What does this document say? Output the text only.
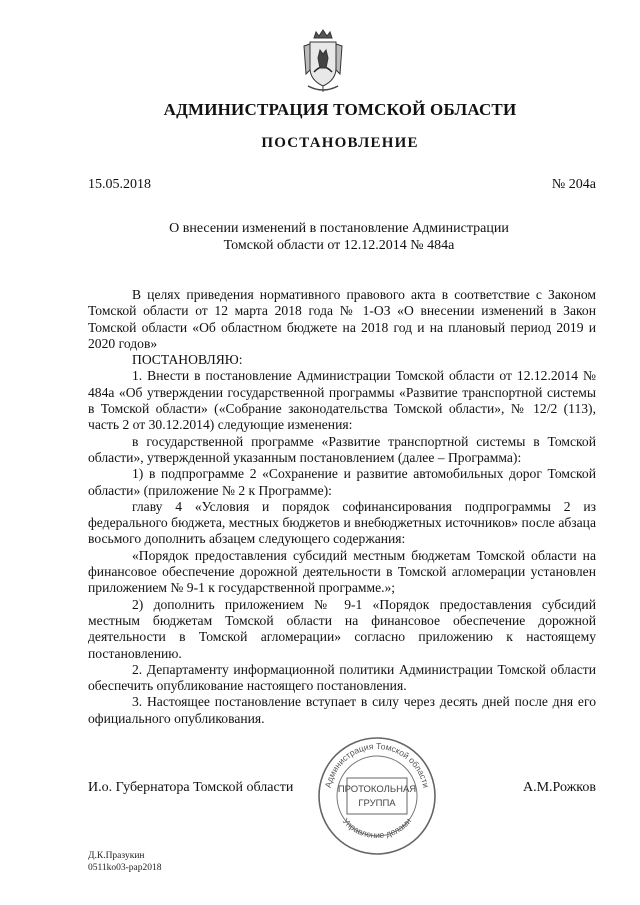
АДМИНИСТРАЦИЯ ТОМСКОЙ ОБЛАСТИ
ПОСТАНОВЛЕНИЕ
15.05.2018	№ 204а
О внесении изменений в постановление Администрации
Томской области от 12.12.2014 № 484а

В целях приведения нормативного правового акта в соответствие с Законом Томской области от 12 марта 2018 года № 1-ОЗ «О внесении изменений в Закон Томской области «Об областном бюджете на 2018 год и на плановый период 2019 и 2020 годов»

ПОСТАНОВЛЯЮ:

1. Внести в постановление Администрации Томской области от 12.12.2014 № 484а «Об утверждении государственной программы «Развитие транспортной системы в Томской области» («Собрание законодательства Томской области», № 12/2 (113), часть 2 от 30.12.2014) следующие изменения:

в государственной программе «Развитие транспортной системы в Томской области», утвержденной указанным постановлением (далее – Программа):

1) в подпрограмме 2 «Сохранение и развитие автомобильных дорог Томской области» (приложение № 2 к Программе):

главу 4 «Условия и порядок софинансирования подпрограммы 2 из федерального бюджета, местных бюджетов и внебюджетных источников» после абзаца восьмого дополнить абзацем следующего содержания:

«Порядок предоставления субсидий местным бюджетам Томской области на финансовое обеспечение дорожной деятельности в Томской агломерации установлен приложением № 9-1 к государственной программе.»;

2) дополнить приложением № 9-1 «Порядок предоставления субсидий местным бюджетам Томской области на финансовое обеспечение дорожной деятельности в Томской агломерации» согласно приложению к настоящему постановлению.

2. Департаменту информационной политики Администрации Томской области обеспечить опубликование настоящего постановления.

3. Настоящее постановление вступает в силу через десять дней после дня его официального опубликования.

И.о. Губернатора Томской области	А.М.Рожков
Администрация Томской области
Управление делами
ПРОТОКОЛЬНАЯ
ГРУППА
Д.К.Празукин
0511ko03-pap2018
